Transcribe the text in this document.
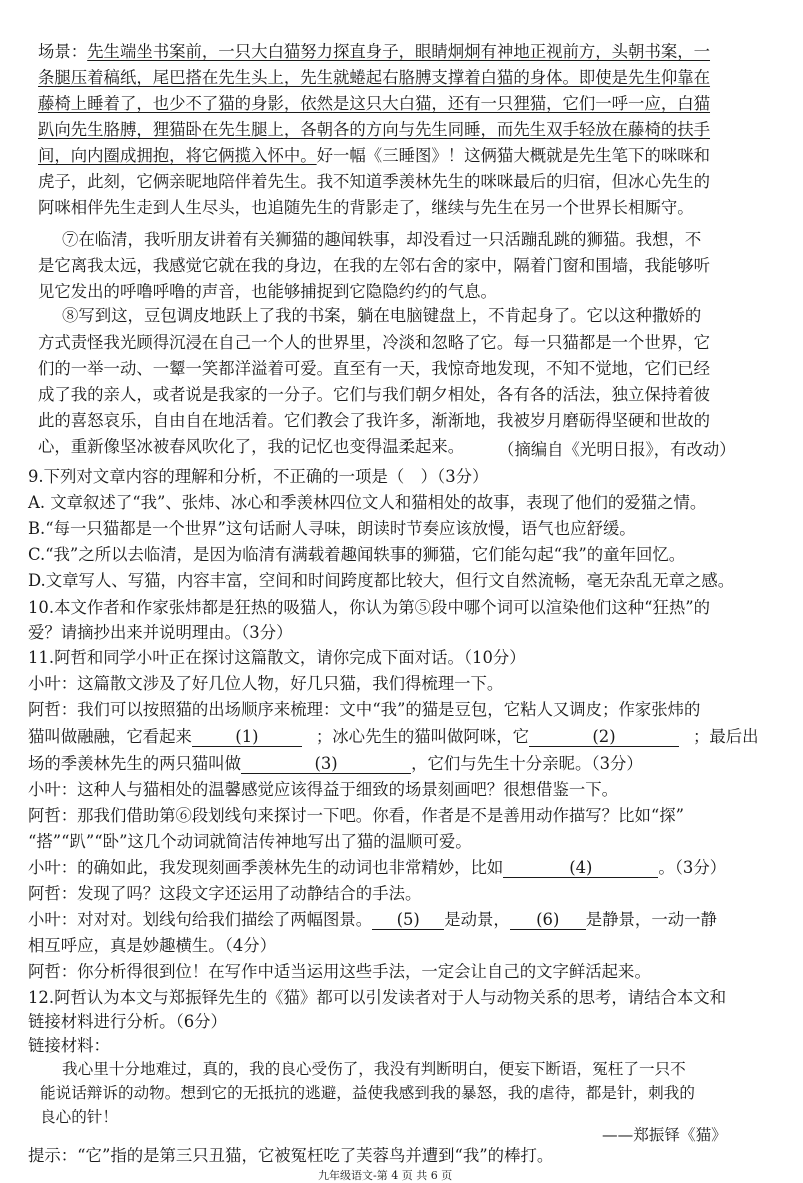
场景：先生端坐书案前，一只大白猫努力探直身子，眼睛炯炯有神地正视前方，头朝书案，一
条腿压着稿纸，尾巴搭在先生头上，先生就蜷起右胳膊支撑着白猫的身体。即使是先生仰靠在
藤椅上睡着了，也少不了猫的身影，依然是这只大白猫，还有一只狸猫，它们一呼一应，白猫
趴向先生胳膊，狸猫卧在先生腿上，各朝各的方向与先生同睡，而先生双手轻放在藤椅的扶手
间，向内圈成拥抱，将它俩揽入怀中。好一幅《三睡图》！这俩猫大概就是先生笔下的咪咪和
虎子，此刻，它俩亲昵地陪伴着先生。我不知道季羡林先生的咪咪最后的归宿，但冰心先生的
阿咪相伴先生走到人生尽头，也追随先生的背影走了，继续与先生在另一个世界长相厮守。
⑦在临清，我听朋友讲着有关狮猫的趣闻轶事，却没看过一只活蹦乱跳的狮猫。我想，不
是它离我太远，我感觉它就在我的身边，在我的左邻右舍的家中，隔着门窗和围墙，我能够听
见它发出的呼噜呼噜的声音，也能够捕捉到它隐隐约约的气息。
⑧写到这，豆包调皮地跃上了我的书案，躺在电脑键盘上，不肯起身了。它以这种撒娇的
方式责怪我光顾得沉浸在自己一个人的世界里，冷淡和忽略了它。每一只猫都是一个世界，它
们的一举一动、一颦一笑都洋溢着可爱。直至有一天，我惊奇地发现，不知不觉地，它们已经
成了我的亲人，或者说是我家的一分子。它们与我们朝夕相处，各有各的活法，独立保持着彼
此的喜怒哀乐，自由自在地活着。它们教会了我许多，渐渐地，我被岁月磨砺得坚硬和世故的
心，重新像坚冰被春风吹化了，我的记忆也变得温柔起来。 （摘编自《光明日报》，有改动）
9.下列对文章内容的理解和分析，不正确的一项是（　）（3分）
A. 文章叙述了“我”、张炜、冰心和季羡林四位文人和猫相处的故事，表现了他们的爱猫之情。
B.“每一只猫都是一个世界”这句话耐人寻味，朗读时节奏应该放慢，语气也应舒缓。
C.“我”之所以去临清，是因为临清有满载着趣闻轶事的狮猫，它们能勾起“我”的童年回忆。
D.文章写人、写猫，内容丰富，空间和时间跨度都比较大，但行文自然流畅，毫无杂乱无章之感。
10.本文作者和作家张炜都是狂热的吸猫人，你认为第⑤段中哪个词可以渲染他们这种“狂热”的
爱？请摘抄出来并说明理由。（3分）
11.阿哲和同学小叶正在探讨这篇散文，请你完成下面对话。（10分）
小叶：这篇散文涉及了好几位人物，好几只猫，我们得梳理一下。
阿哲：我们可以按照猫的出场顺序来梳理：文中“我”的猫是豆包，它粘人又调皮；作家张炜的
猫叫做融融，它看起来	(1)	；冰心先生的猫叫做阿咪，它	(2)	；最后出
场的季羡林先生的两只猫叫做	(3)	，它们与先生十分亲昵。（3分）
小叶：这种人与猫相处的温馨感觉应该得益于细致的场景刻画吧？很想借鉴一下。
阿哲：那我们借助第⑥段划线句来探讨一下吧。你看，作者是不是善用动作描写？比如“探”
“搭”“趴”“卧”这几个动词就简洁传神地写出了猫的温顺可爱。
小叶：的确如此，我发现刻画季羡林先生的动词也非常精妙，比如	(4)	。（3分）
阿哲：发现了吗？这段文字还运用了动静结合的手法。
小叶：对对对。划线句给我们描绘了两幅图景。 (5) 是动景， (6) 是静景，一动一静
相互呼应，真是妙趣横生。（4分）
阿哲：你分析得很到位！在写作中适当运用这些手法，一定会让自己的文字鲜活起来。
12.阿哲认为本文与郑振铎先生的《猫》都可以引发读者对于人与动物关系的思考，请结合本文和
链接材料进行分析。（6分）
链接材料：
我心里十分地难过，真的，我的良心受伤了，我没有判断明白，便妄下断语，冤枉了一只不
能说话辩诉的动物。想到它的无抵抗的逃避，益使我感到我的暴怒，我的虐待，都是针，刺我的
良心的针！
——郑振铎《猫》
提示：“它”指的是第三只丑猫，它被冤枉吃了芙蓉鸟并遭到“我”的棒打。
九年级语文-第 4 页 共 6 页
